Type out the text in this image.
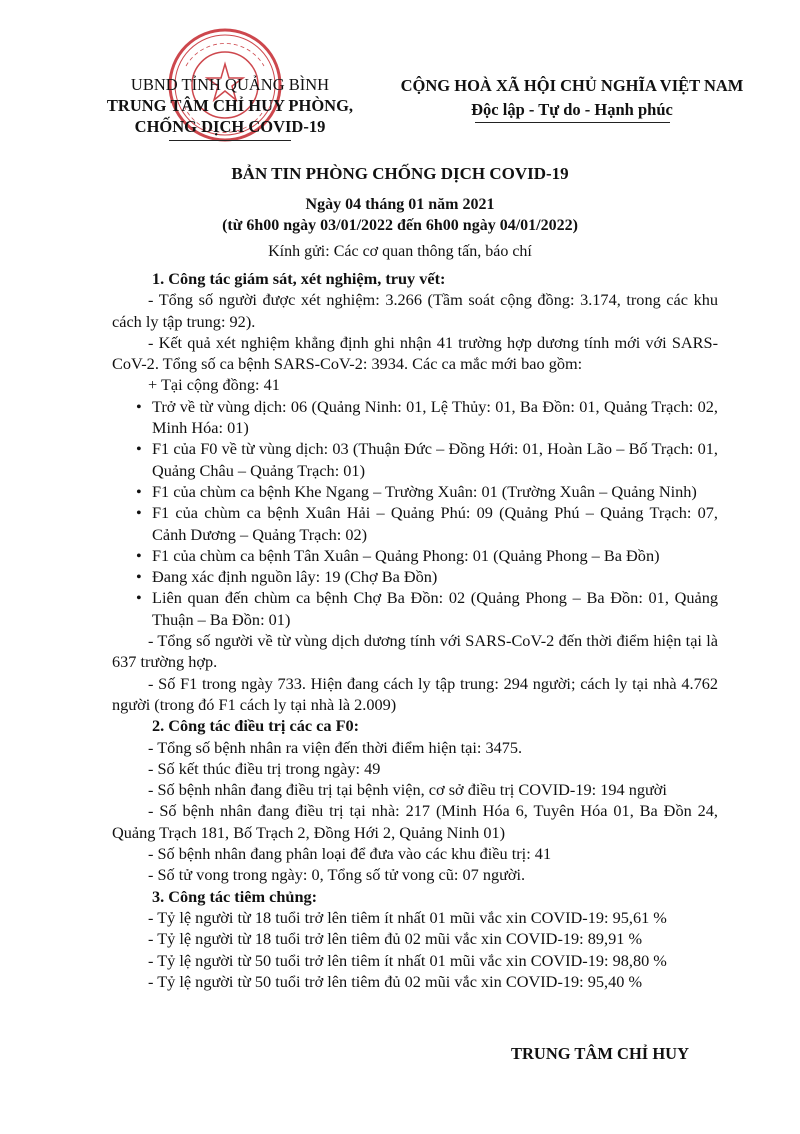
UBND TỈNH QUẢNG BÌNH
TRUNG TÂM CHỈ HUY PHÒNG,
CHỐNG DỊCH COVID-19
CỘNG HOÀ XÃ HỘI CHỦ NGHĨA VIỆT NAM
Độc lập - Tự do - Hạnh phúc
BẢN TIN PHÒNG CHỐNG DỊCH COVID-19
Ngày 04 tháng 01 năm 2021
(từ 6h00 ngày 03/01/2022 đến 6h00 ngày 04/01/2022)
Kính gửi: Các cơ quan thông tấn, báo chí

1. Công tác giám sát, xét nghiệm, truy vết:

- Tổng số người được xét nghiệm: 3.266 (Tầm soát cộng đồng: 3.174, trong các khu cách ly tập trung: 92).

- Kết quả xét nghiệm khẳng định ghi nhận 41 trường hợp dương tính mới với SARS-CoV-2. Tổng số ca bệnh SARS-CoV-2: 3934. Các ca mắc mới bao gồm:

+ Tại cộng đồng: 41

• Trở về từ vùng dịch: 06 (Quảng Ninh: 01, Lệ Thủy: 01, Ba Đồn: 01, Quảng Trạch: 02, Minh Hóa: 01)

• F1 của F0 về từ vùng dịch: 03 (Thuận Đức – Đồng Hới: 01, Hoàn Lão – Bố Trạch: 01, Quảng Châu – Quảng Trạch: 01)

• F1 của chùm ca bệnh Khe Ngang – Trường Xuân: 01 (Trường Xuân – Quảng Ninh)

• F1 của chùm ca bệnh Xuân Hải – Quảng Phú: 09 (Quảng Phú – Quảng Trạch: 07, Cảnh Dương – Quảng Trạch: 02)

• F1 của chùm ca bệnh Tân Xuân – Quảng Phong: 01 (Quảng Phong – Ba Đồn)

• Đang xác định nguồn lây: 19 (Chợ Ba Đồn)

• Liên quan đến chùm ca bệnh Chợ Ba Đồn: 02 (Quảng Phong – Ba Đồn: 01, Quảng Thuận – Ba Đồn: 01)

- Tổng số người về từ vùng dịch dương tính với SARS-CoV-2 đến thời điểm hiện tại là 637 trường hợp.

- Số F1 trong ngày 733. Hiện đang cách ly tập trung: 294 người; cách ly tại nhà 4.762 người (trong đó F1 cách ly tại nhà là 2.009)

2. Công tác điều trị các ca F0:

- Tổng số bệnh nhân ra viện đến thời điểm hiện tại: 3475.

- Số kết thúc điều trị trong ngày: 49

- Số bệnh nhân đang điều trị tại bệnh viện, cơ sở điều trị COVID-19: 194 người

- Số bệnh nhân đang điều trị tại nhà: 217 (Minh Hóa 6, Tuyên Hóa 01, Ba Đồn 24, Quảng Trạch 181, Bố Trạch 2, Đồng Hới 2, Quảng Ninh 01)

- Số bệnh nhân đang phân loại để đưa vào các khu điều trị: 41

- Số tử vong trong ngày: 0, Tổng số tử vong cũ: 07 người.

3. Công tác tiêm chủng:

- Tỷ lệ người từ 18 tuổi trở lên tiêm ít nhất 01 mũi vắc xin COVID-19: 95,61 %

- Tỷ lệ người từ 18 tuổi trở lên tiêm đủ 02 mũi vắc xin COVID-19: 89,91 %

- Tỷ lệ người từ 50 tuổi trở lên tiêm ít nhất 01 mũi vắc xin COVID-19: 98,80 %

- Tỷ lệ người từ 50 tuổi trở lên tiêm đủ 02 mũi vắc xin COVID-19: 95,40 %

TRUNG TÂM CHỈ HUY
